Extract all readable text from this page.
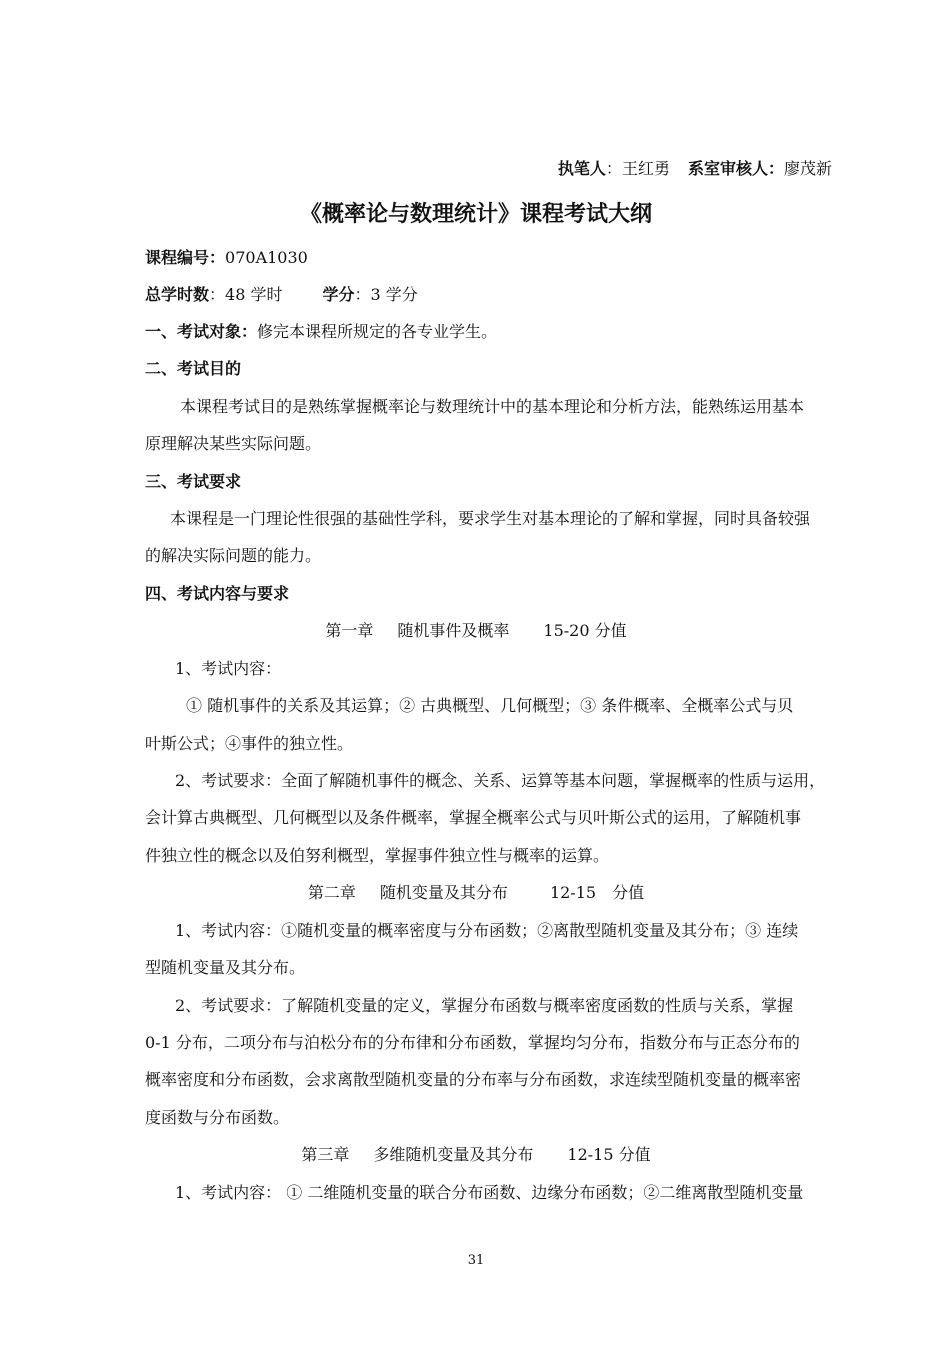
执笔人：王红勇 系室审核人：廖茂新
《概率论与数理统计》课程考试大纲
课程编号：070A1030
总学时数：48 学时	学分：3 学分
一、考试对象：修完本课程所规定的各专业学生。
二、考试目的
本课程考试目的是熟练掌握概率论与数理统计中的基本理论和分析方法，能熟练运用基本
原理解决某些实际问题。
三、考试要求
本课程是一门理论性很强的基础性学科，要求学生对基本理论的了解和掌握，同时具备较强
的解决实际问题的能力。
四、考试内容与要求
第一章 随机事件及概率 15-20 分值
1、考试内容：
① 随机事件的关系及其运算；② 古典概型、几何概型；③ 条件概率、全概率公式与贝
叶斯公式；④事件的独立性。
2、考试要求：全面了解随机事件的概念、关系、运算等基本问题，掌握概率的性质与运用，
会计算古典概型、几何概型以及条件概率，掌握全概率公式与贝叶斯公式的运用，了解随机事
件独立性的概念以及伯努利概型，掌握事件独立性与概率的运算。
第二章 随机变量及其分布	12-15　分值
1、考试内容：①随机变量的概率密度与分布函数；②离散型随机变量及其分布；③ 连续
型随机变量及其分布。
2、考试要求：了解随机变量的定义，掌握分布函数与概率密度函数的性质与关系，掌握
0-1 分布，二项分布与泊松分布的分布律和分布函数，掌握均匀分布，指数分布与正态分布的
概率密度和分布函数，会求离散型随机变量的分布率与分布函数，求连续型随机变量的概率密
度函数与分布函数。
第三章 多维随机变量及其分布 12-15 分值
1、考试内容： ① 二维随机变量的联合分布函数、边缘分布函数；②二维离散型随机变量
31
